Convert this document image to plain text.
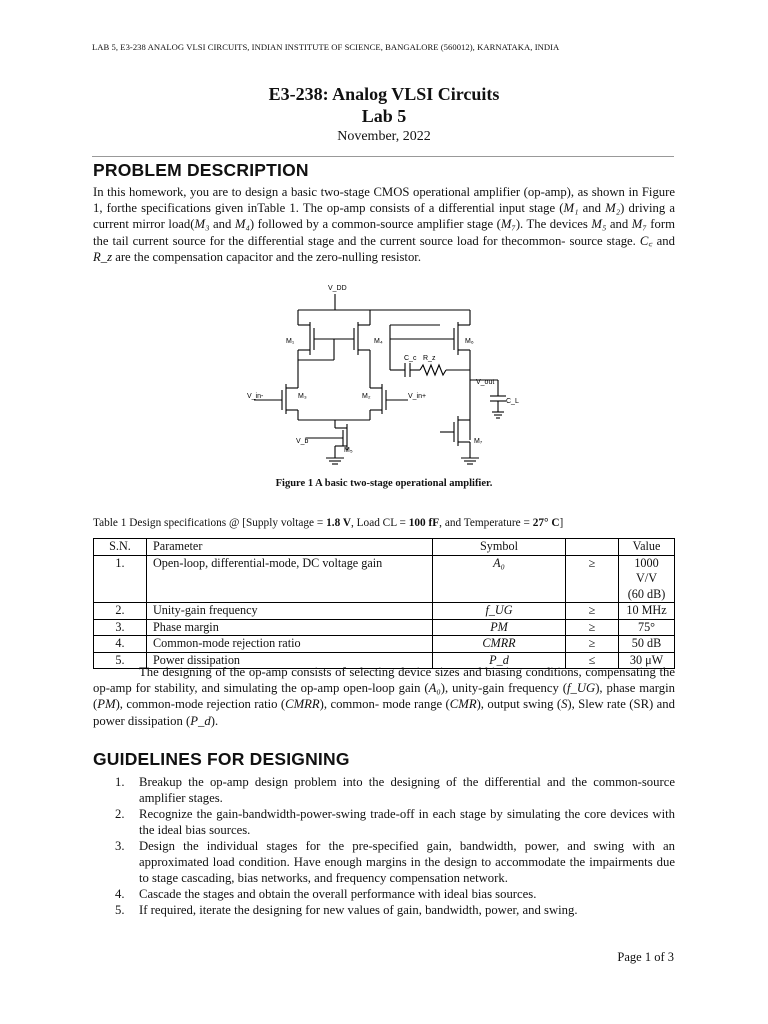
LAB 5, E3-238 ANALOG VLSI CIRCUITS, INDIAN INSTITUTE OF SCIENCE, BANGALORE (560012), KARNATAKA, INDIA
E3-238: Analog VLSI Circuits
Lab 5
November, 2022
PROBLEM DESCRIPTION

In this homework, you are to design a basic two-stage CMOS operational amplifier (op-amp), as shown in Figure 1, forthe specifications given inTable 1. The op-amp consists of a differential input stage (M₁ and M₂) driving a current mirror load(M₃ and M₄) followed by a common-source amplifier stage (M₇). The devices M₅ and M₇ form the tail current source for the differential stage and the current source load for thecommon- source stage. C꜀ and R_z are the compensation capacitor and the zero-nulling resistor.

V_DD
M₁	M₄	M₆
C_c R_z
V_out
C_L
V_in-	M₃	M₂	V_in+
V_b
M₅
M₇
Figure 1 A basic two-stage operational amplifier.
Table 1 Design specifications @ [Supply voltage = 1.8 V, Load CL = 100 fF, and Temperature = 27° C]
S.N.	Parameter	Symbol		Value
1.	Open-loop, differential-mode, DC voltage gain	A₀	≥	1000 V/V
(60 dB)
2.	Unity-gain frequency	f_UG	≥	10 MHz
3.	Phase margin	PM	≥	75°
4.	Common-mode rejection ratio	CMRR	≥	50 dB
5.	Power dissipation	P_d	≤	30 μW

The designing of the op-amp consists of selecting device sizes and biasing conditions, compensating the op-amp for stability, and simulating the op-amp open-loop gain (A₀), unity-gain frequency (f_UG), phase margin (PM), common-mode rejection ratio (CMRR), common- mode range (CMR), output swing (S), Slew rate (SR) and power dissipation (P_d).

GUIDELINES FOR DESIGNING
1. Breakup the op-amp design problem into the designing of the differential and the common-source amplifier stages.
2. Recognize the gain-bandwidth-power-swing trade-off in each stage by simulating the core devices with the ideal bias sources.
3. Design the individual stages for the pre-specified gain, bandwidth, power, and swing with an approximated load condition. Have enough margins in the design to accommodate the impairments due to stage cascading, bias networks, and frequency compensation network.
4. Cascade the stages and obtain the overall performance with ideal bias sources.
5. If required, iterate the designing for new values of gain, bandwidth, power, and swing.
Page 1 of 3
